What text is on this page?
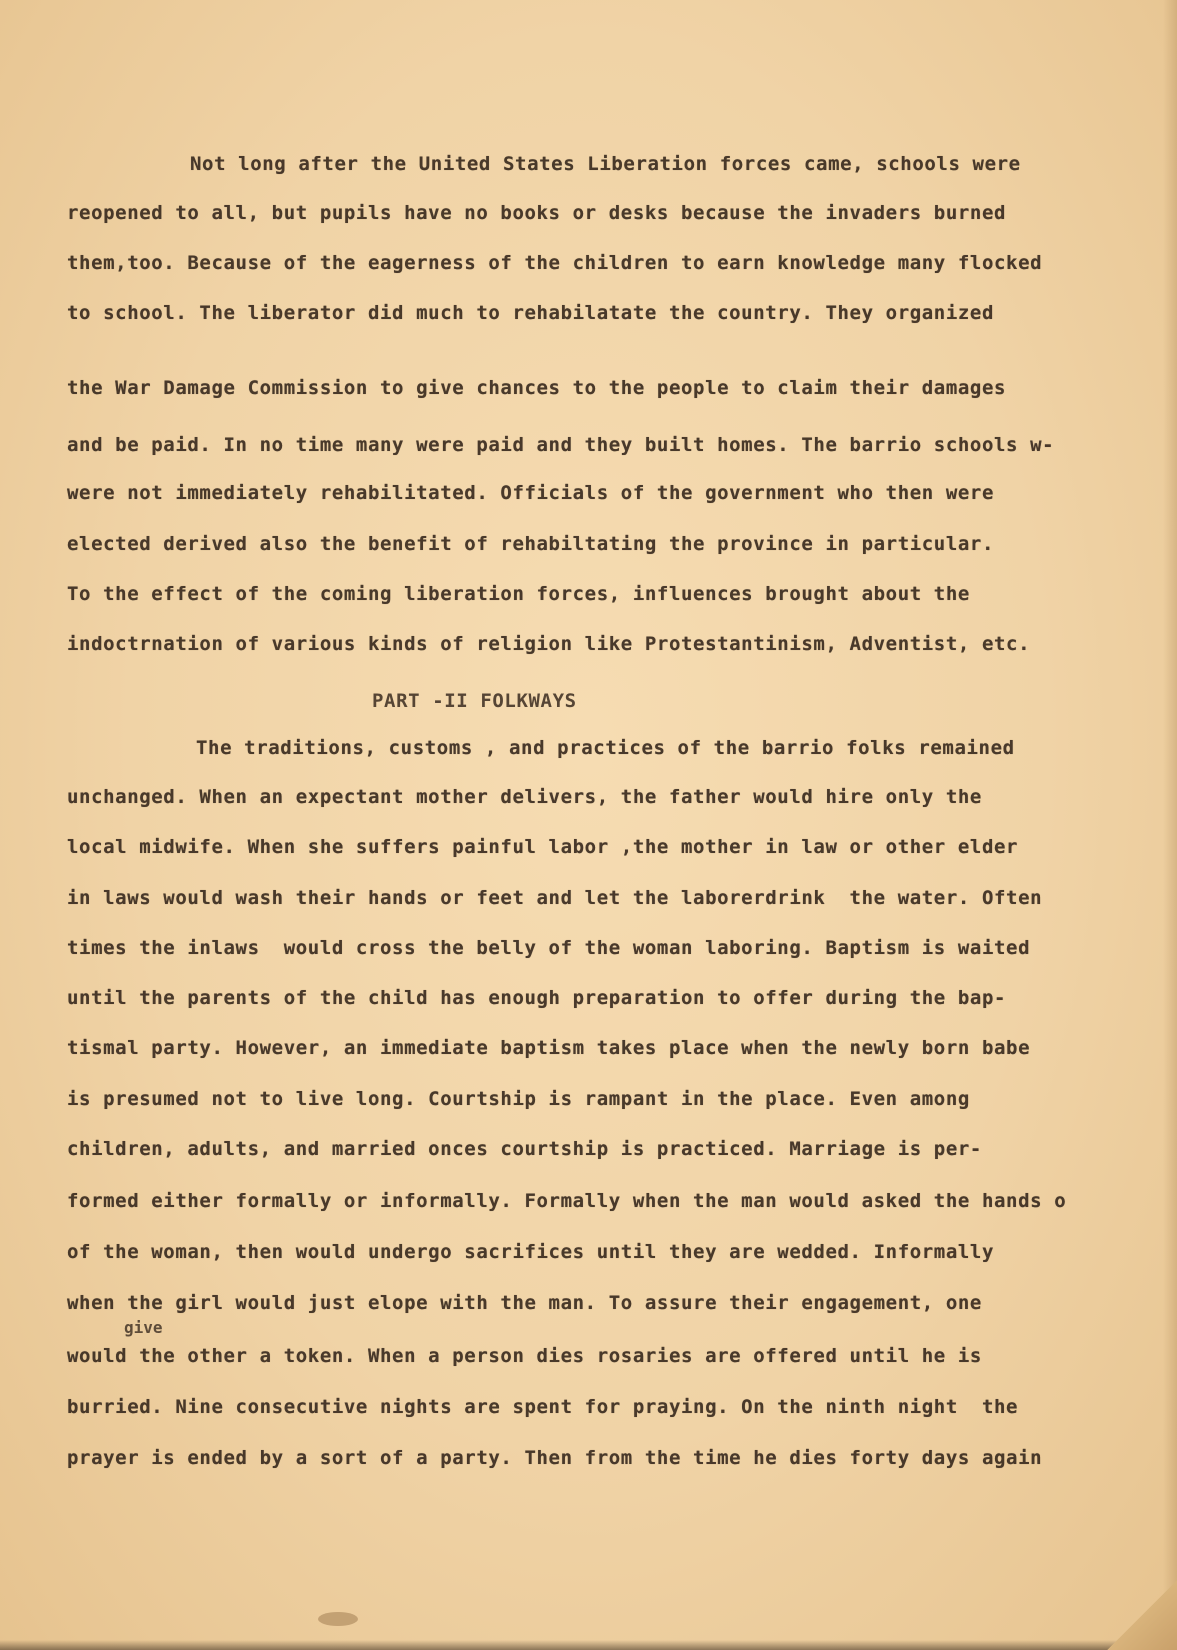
Not long after the United States Liberation forces came, schools were
reopened to all, but pupils have no books or desks because the invaders burned
them,too. Because of the eagerness of the children to earn knowledge many flocked
to school. The liberator did much to rehabilatate the country. They organized
the War Damage Commission to give chances to the people to claim their damages
and be paid. In no time many were paid and they built homes. The barrio schools w-
were not immediately rehabilitated. Officials of the government who then were
elected derived also the benefit of rehabiltating the province in particular.
To the effect of the coming liberation forces, influences brought about the
indoctrnation of various kinds of religion like Protestantinism, Adventist, etc.
PART -II FOLKWAYS
The traditions, customs , and practices of the barrio folks remained
unchanged. When an expectant mother delivers, the father would hire only the
local midwife. When she suffers painful labor ,the mother in law or other elder
in laws would wash their hands or feet and let the laborerdrink  the water. Often
times the inlaws  would cross the belly of the woman laboring. Baptism is waited
until the parents of the child has enough preparation to offer during the bap-
tismal party. However, an immediate baptism takes place when the newly born babe
is presumed not to live long. Courtship is rampant in the place. Even among
children, adults, and married onces courtship is practiced. Marriage is per-
formed either formally or informally. Formally when the man would asked the hands o
of the woman, then would undergo sacrifices until they are wedded. Informally
when the girl would just elope with the man. To assure their engagement, one
give
would the other a token. When a person dies rosaries are offered until he is
burried. Nine consecutive nights are spent for praying. On the ninth night  the
prayer is ended by a sort of a party. Then from the time he dies forty days again
